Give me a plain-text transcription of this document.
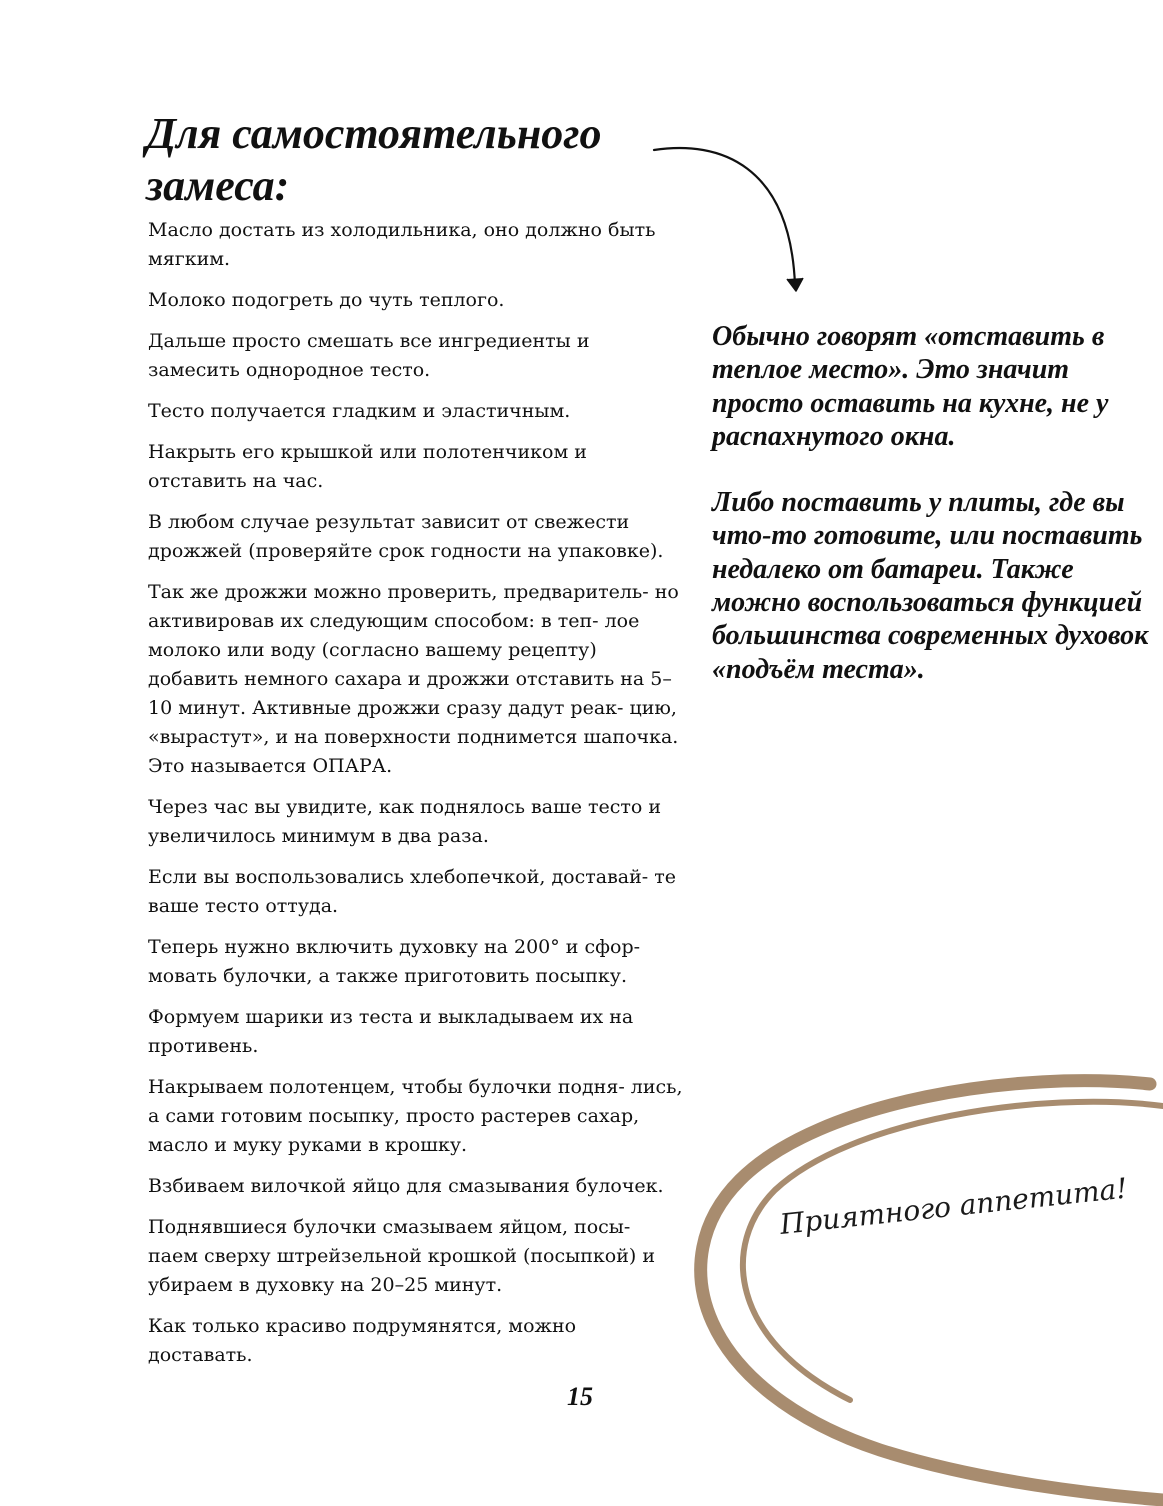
Для самостоятельного
замеса:

Масло достать из холодильника, оно должно быть мягким.

Молоко подогреть до чуть теплого.

Дальше просто смешать все ингредиенты и замесить однородное тесто.

Тесто получается гладким и эластичным.

Накрыть его крышкой или полотенчиком и отставить на час.

В любом случае результат зависит от свежести дрожжей (проверяйте срок годности на упаковке).

Так же дрожжи можно проверить, предваритель- но активировав их следующим способом: в теп- лое молоко или воду (согласно вашему рецепту) добавить немного сахара и дрожжи отставить на 5–10 минут. Активные дрожжи сразу дадут реак- цию, «вырастут», и на поверхности поднимется шапочка. Это называется ОПАРА.

Через час вы увидите, как поднялось ваше тесто и увеличилось минимум в два раза.

Если вы воспользовались хлебопечкой, доставай- те ваше тесто оттуда.

Теперь нужно включить духовку на 200° и сфор- мовать булочки, а также приготовить посыпку.

Формуем шарики из теста и выкладываем их на противень.

Накрываем полотенцем, чтобы булочки подня- лись, а сами готовим посыпку, просто растерев сахар, масло и муку руками в крошку.

Взбиваем вилочкой яйцо для смазывания булочек.

Поднявшиеся булочки смазываем яйцом, посы- паем сверху штрейзельной крошкой (посыпкой) и убираем в духовку на 20–25 минут.

Как только красиво подрумянятся, можно доставать.

Обычно говорят «отставить в теплое место». Это значит просто оставить на кухне, не у распахнутого окна.

Либо поставить у плиты, где вы что-то готовите, или поставить недалеко от батареи. Также можно воспользоваться функцией большинства современных духовок «подъём теста».

Приятного аппетита!
15
